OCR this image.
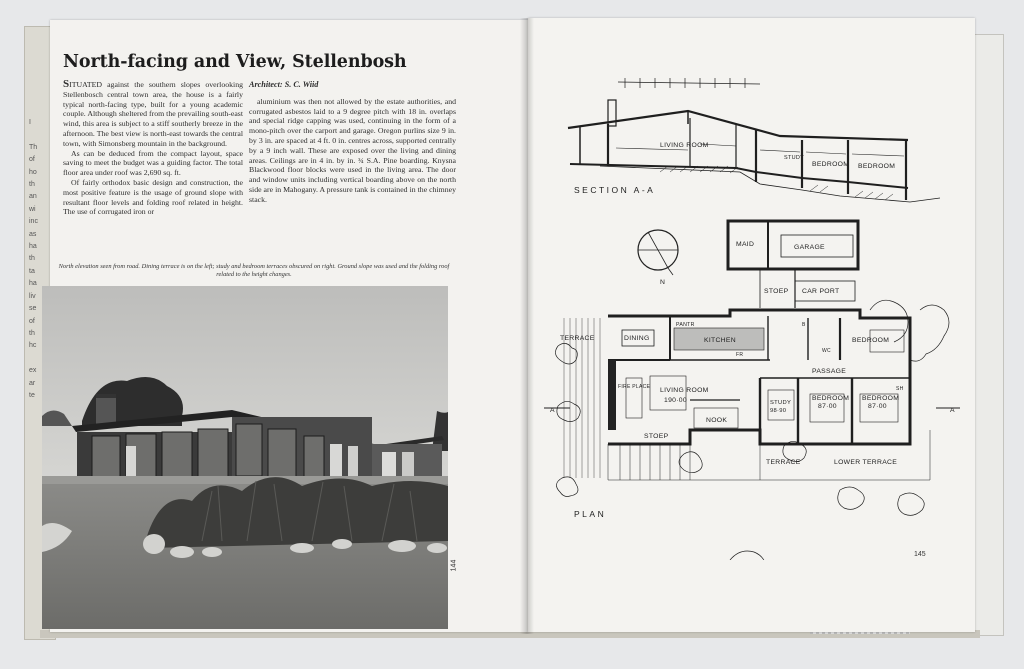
I

Th
of
ho
th
an
wi
inc
as
ha
th
ta
ha
liv
se
of
th
hc

ex
ar
te
North-facing and View, Stellenbosh

SITUATED against the southern slopes overlooking Stellenbosch central town area, the house is a fairly typical north-facing type, built for a young academic couple. Although sheltered from the prevailing south-east wind, this area is subject to a stiff southerly breeze in the afternoon. The best view is north-east towards the central town, with Simonsberg mountain in the background.

As can be deduced from the compact layout, space saving to meet the budget was a guiding factor. The total floor area under roof was 2,690 sq. ft.

Of fairly orthodox basic design and construction, the most positive feature is the usage of ground slope with resultant floor levels and folding roof related in height. The use of corrugated iron or

Architect: S. C. Wiid

aluminium was then not allowed by the estate authorities, and corrugated asbestos laid to a 9 degree pitch with 18 in. overlaps and special ridge capping was used, continuing in the form of a mono-pitch over the carport and garage. Oregon purlins size 9 in. by 3 in. are spaced at 4 ft. 0 in. centres across, supported centrally by a 9 inch wall. These are exposed over the living and dining areas. Ceilings are in 4 in. by in. ¾ S.A. Pine boarding. Knysna Blackwood floor blocks were used in the living area. The door and window units including vertical boarding above on the north side are in Mahogany. A pressure tank is contained in the chimney stack.

North elevation seen from road. Dining terrace is on the left; study and bedroom terraces obscured on right. Ground slope was used and the folding roof related to the height changes.
144
LIVING ROOM
STUDY
BEDROOM BEDROOM
SECTION A-A
N
MAID	GARAGE
STOEP CAR PORT
TERRACE	DINING
PANTR
KITCHEN	BEDROOM
FIRE PLACE LIVING ROOM
190·00
PASSAGE
STUDY
98·90
BEDROOM
87·00
BEDROOM
87·00
NOOK
STOEP
TERRACE	LOWER TERRACE
FR
WC
SH
B
A	A
PLAN
145
